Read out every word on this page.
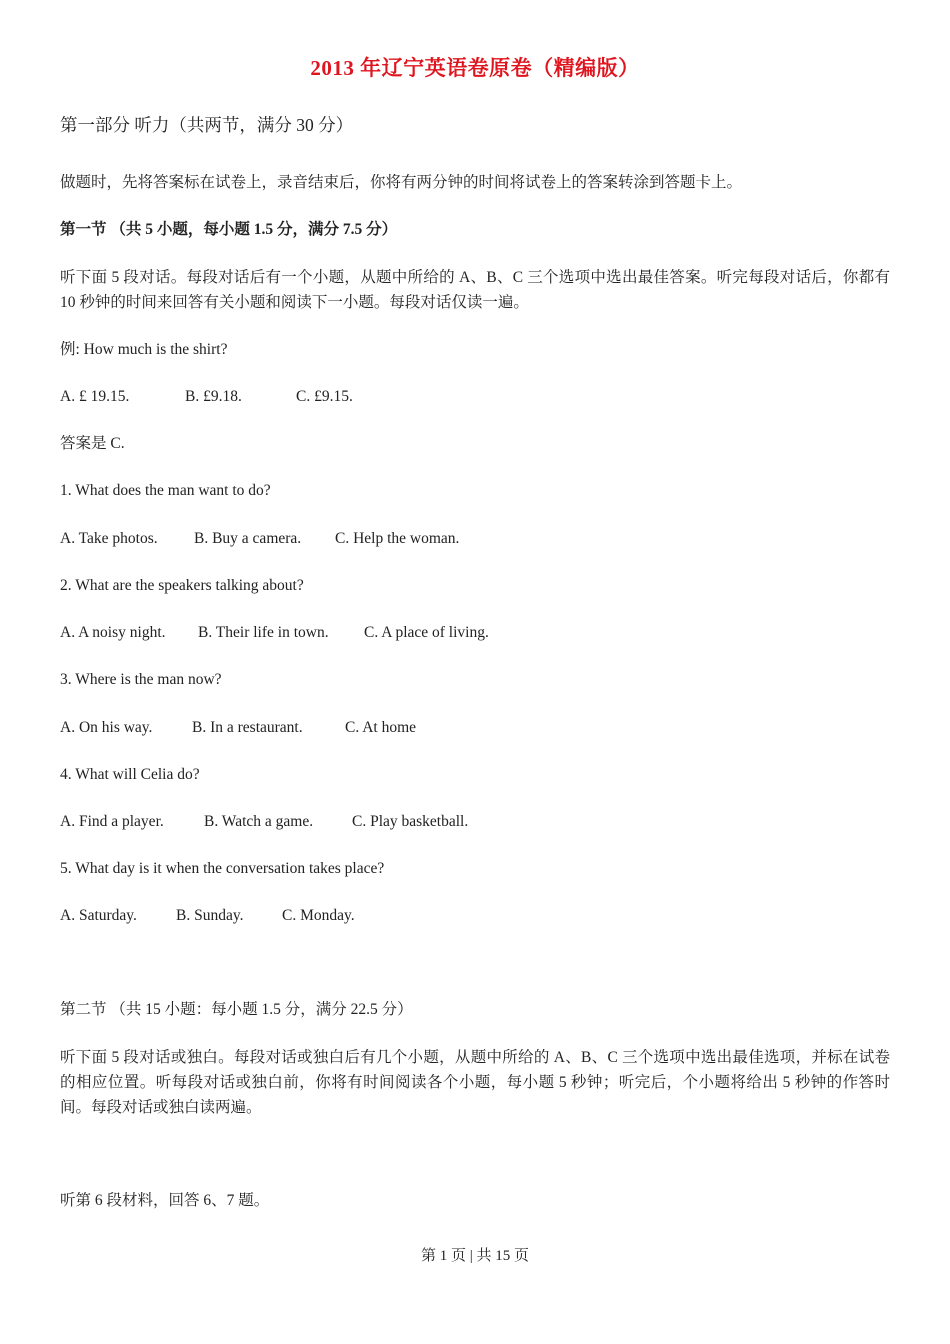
2013 年辽宁英语卷原卷（精编版）
第一部分 听力（共两节，满分 30 分）
做题时，先将答案标在试卷上，录音结束后，你将有两分钟的时间将试卷上的答案转涂到答题卡上。
第一节 （共 5 小题，每小题 1.5 分，满分 7.5 分）
听下面 5 段对话。每段对话后有一个小题，从题中所给的 A、B、C 三个选项中选出最佳答案。听完每段对话后，你都有 10 秒钟的时间来回答有关小题和阅读下一小题。每段对话仅读一遍。
例: How much is the shirt?
A. £ 19.15.	B. £9.18.	C. £9.15.
答案是 C.
1. What does the man want to do?
A. Take photos. B. Buy a camera. C. Help the woman.
2. What are the speakers talking about?
A. A noisy night. B. Their life in town. C. A place of living.
3. Where is the man now?
A. On his way.	B. In a restaurant.	C. At home
4. What will Celia do?
A. Find a player.	B. Watch a game.	C. Play basketball.
5. What day is it when the conversation takes place?
A. Saturday.	B. Sunday. C. Monday.
第二节 （共 15 小题：每小题 1.5 分，满分 22.5 分）
听下面 5 段对话或独白。每段对话或独白后有几个小题，从题中所给的 A、B、C 三个选项中选出最佳选项，并标在试卷的相应位置。听每段对话或独白前，你将有时间阅读各个小题，每小题 5 秒钟；听完后，个小题将给出 5 秒钟的作答时间。每段对话或独白读两遍。
听第 6 段材料，回答 6、7 题。
第 1 页 | 共 15 页
